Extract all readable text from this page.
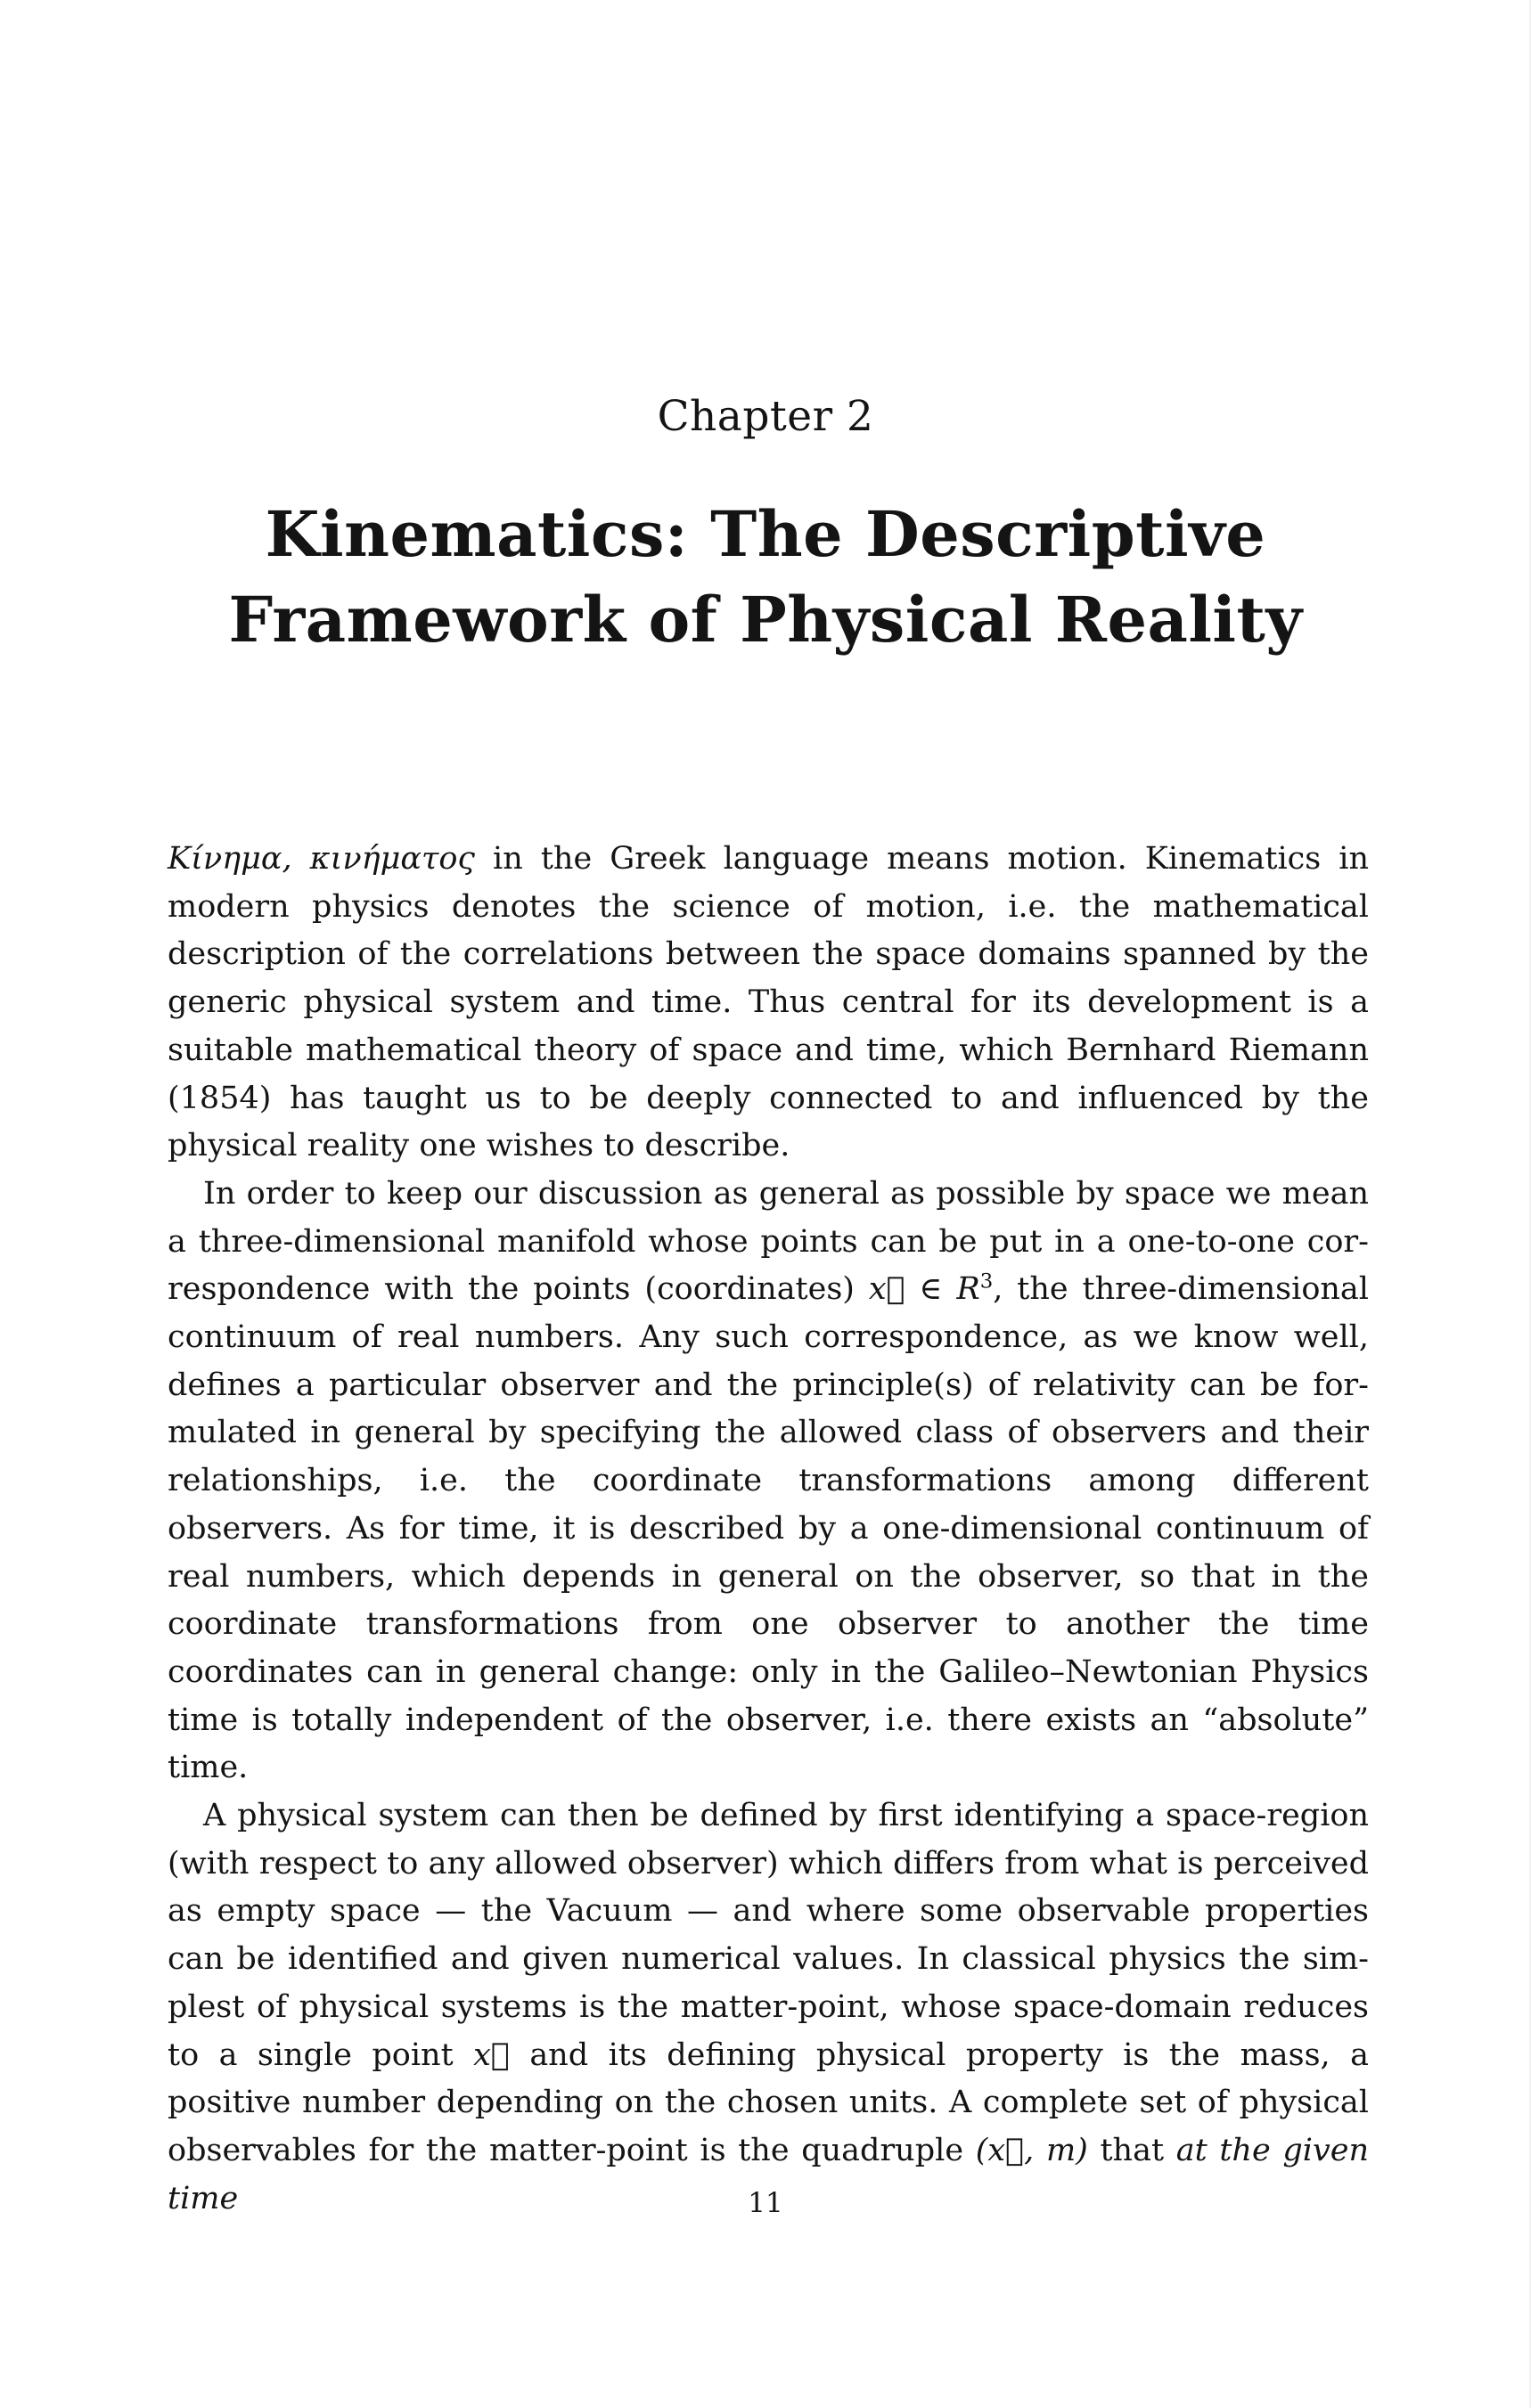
Chapter 2
Kinematics: The Descriptive
Framework of Physical Reality

Κίνημα, κινήματος in the Greek language means motion. Kinematics in modern physics denotes the science of motion, i.e. the mathematical description of the correlations between the space domains spanned by the generic physical system and time. Thus central for its development is a suitable mathematical theory of space and time, which Bernhard Riemann (1854) has taught us to be deeply connected to and influenced by the physical reality one wishes to describe.

In order to keep our discussion as general as possible by space we mean a three-dimensional manifold whose points can be put in a one-to-one correspondence with the points (coordinates) x⃗ ∈ $R^3$, the three-dimensional continuum of real numbers. Any such correspondence, as we know well, defines a particular observer and the principle(s) of relativity can be formulated in general by specifying the allowed class of observers and their relationships, i.e. the coordinate transformations among different observers. As for time, it is described by a one-dimensional continuum of real numbers, which depends in general on the observer, so that in the coordinate transformations from one observer to another the time coordinates can in general change: only in the Galileo–Newtonian Physics time is totally independent of the observer, i.e. there exists an “absolute” time.

A physical system can then be defined by first identifying a space-region (with respect to any allowed observer) which differs from what is perceived as empty space — the Vacuum — and where some observable properties can be identified and given numerical values. In classical physics the simplest of physical systems is the matter-point, whose space-domain reduces to a single point x⃗ and its defining physical property is the mass, a positive number depending on the chosen units. A complete set of physical observables for the matter-point is the quadruple (x⃗, m) that at the given time	11
